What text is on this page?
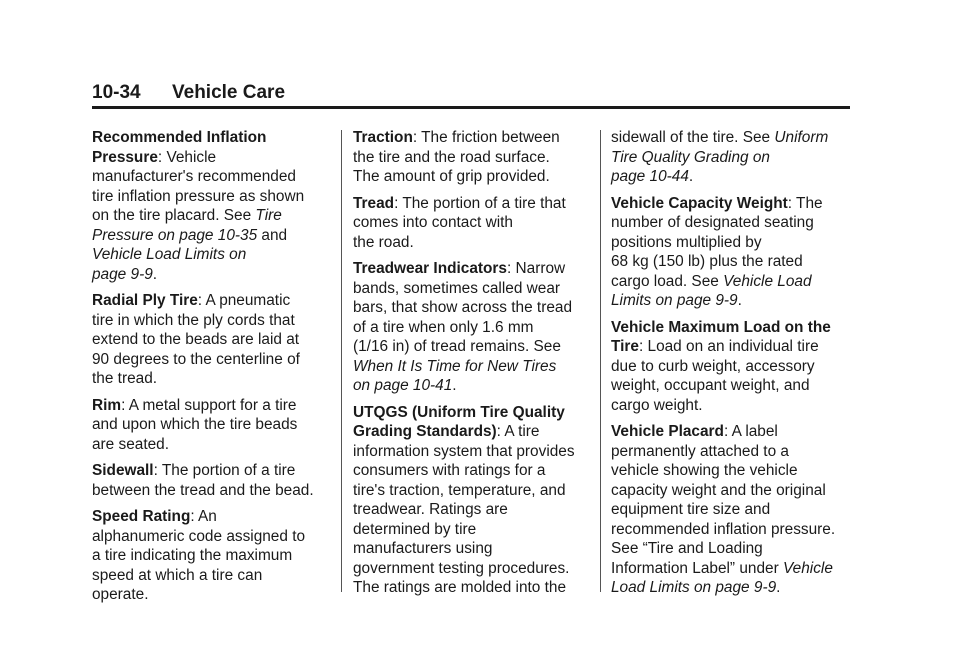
10-34 Vehicle Care
Recommended Inflation
Pressure: Vehicle
manufacturer's recommended
tire inflation pressure as shown
on the tire placard. See Tire
Pressure on page 10-35 and
Vehicle Load Limits on
page 9-9.
Radial Ply Tire: A pneumatic
tire in which the ply cords that
extend to the beads are laid at
90 degrees to the centerline of
the tread.
Rim: A metal support for a tire
and upon which the tire beads
are seated.
Sidewall: The portion of a tire
between the tread and the bead.
Speed Rating: An
alphanumeric code assigned to
a tire indicating the maximum
speed at which a tire can
operate.
Traction: The friction between
the tire and the road surface.
The amount of grip provided.
Tread: The portion of a tire that
comes into contact with
the road.
Treadwear Indicators: Narrow
bands, sometimes called wear
bars, that show across the tread
of a tire when only 1.6 mm
(1/16 in) of tread remains. See
When It Is Time for New Tires
on page 10-41.
UTQGS (Uniform Tire Quality
Grading Standards): A tire
information system that provides
consumers with ratings for a
tire's traction, temperature, and
treadwear. Ratings are
determined by tire
manufacturers using
government testing procedures.
The ratings are molded into the
sidewall of the tire. See Uniform
Tire Quality Grading on
page 10-44.
Vehicle Capacity Weight: The
number of designated seating
positions multiplied by
68 kg (150 lb) plus the rated
cargo load. See Vehicle Load
Limits on page 9-9.
Vehicle Maximum Load on the
Tire: Load on an individual tire
due to curb weight, accessory
weight, occupant weight, and
cargo weight.
Vehicle Placard: A label
permanently attached to a
vehicle showing the vehicle
capacity weight and the original
equipment tire size and
recommended inflation pressure.
See “Tire and Loading
Information Label” under Vehicle
Load Limits on page 9-9.
